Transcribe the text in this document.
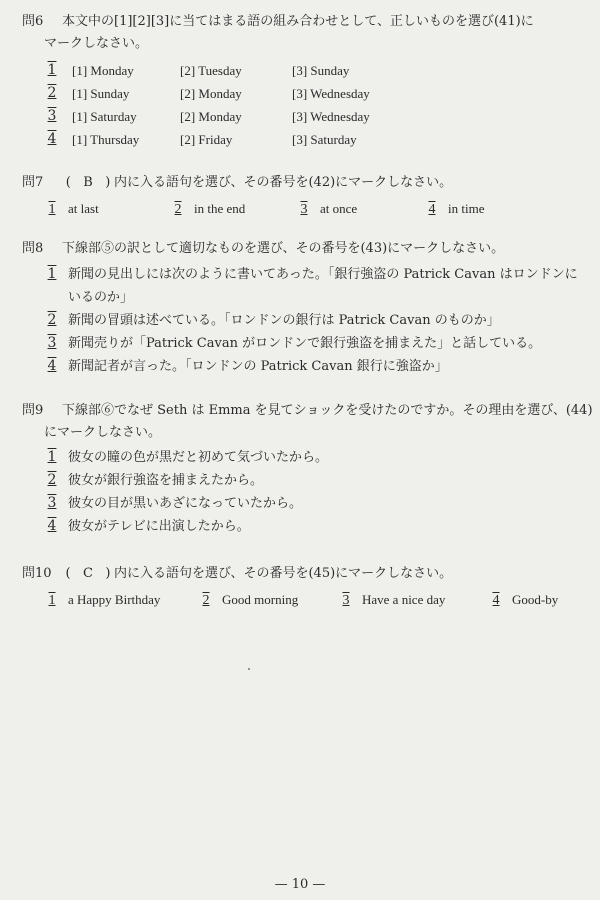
問6 本文中の[1][2][3]に当てはまる語の組み合わせとして、正しいものを選び(41)に
マークしなさい。
1 [1] Monday	[2] Tuesday	[3] Sunday
2 [1] Sunday	[2] Monday	[3] Wednesday
3 [1] Saturday	[2] Monday	[3] Wednesday
4 [1] Thursday	[2] Friday	[3] Saturday
問7 ( B ) 内に入る語句を選び、その番号を(42)にマークしなさい。
1 at last	2 in the end	3 at once	4 in time
問8 下線部⑤の訳として適切なものを選び、その番号を(43)にマークしなさい。
1 新聞の見出しには次のように書いてあった。「銀行強盗の Patrick Cavan はロンドンに
いるのか」
2 新聞の冒頭は述べている。「ロンドンの銀行は Patrick Cavan のものか」
3 新聞売りが「Patrick Cavan がロンドンで銀行強盗を捕まえた」と話している。
4 新聞記者が言った。「ロンドンの Patrick Cavan 銀行に強盗か」
問9 下線部⑥でなぜ Seth は Emma を見てショックを受けたのですか。その理由を選び、(44)
にマークしなさい。
1 彼女の瞳の色が黒だと初めて気づいたから。
2 彼女が銀行強盗を捕まえたから。
3 彼女の目が黒いあざになっていたから。
4 彼女がテレビに出演したから。
問10 ( C ) 内に入る語句を選び、その番号を(45)にマークしなさい。
1 a Happy Birthday	2 Good morning	3 Have a nice day	4 Good-by
— 10 —
